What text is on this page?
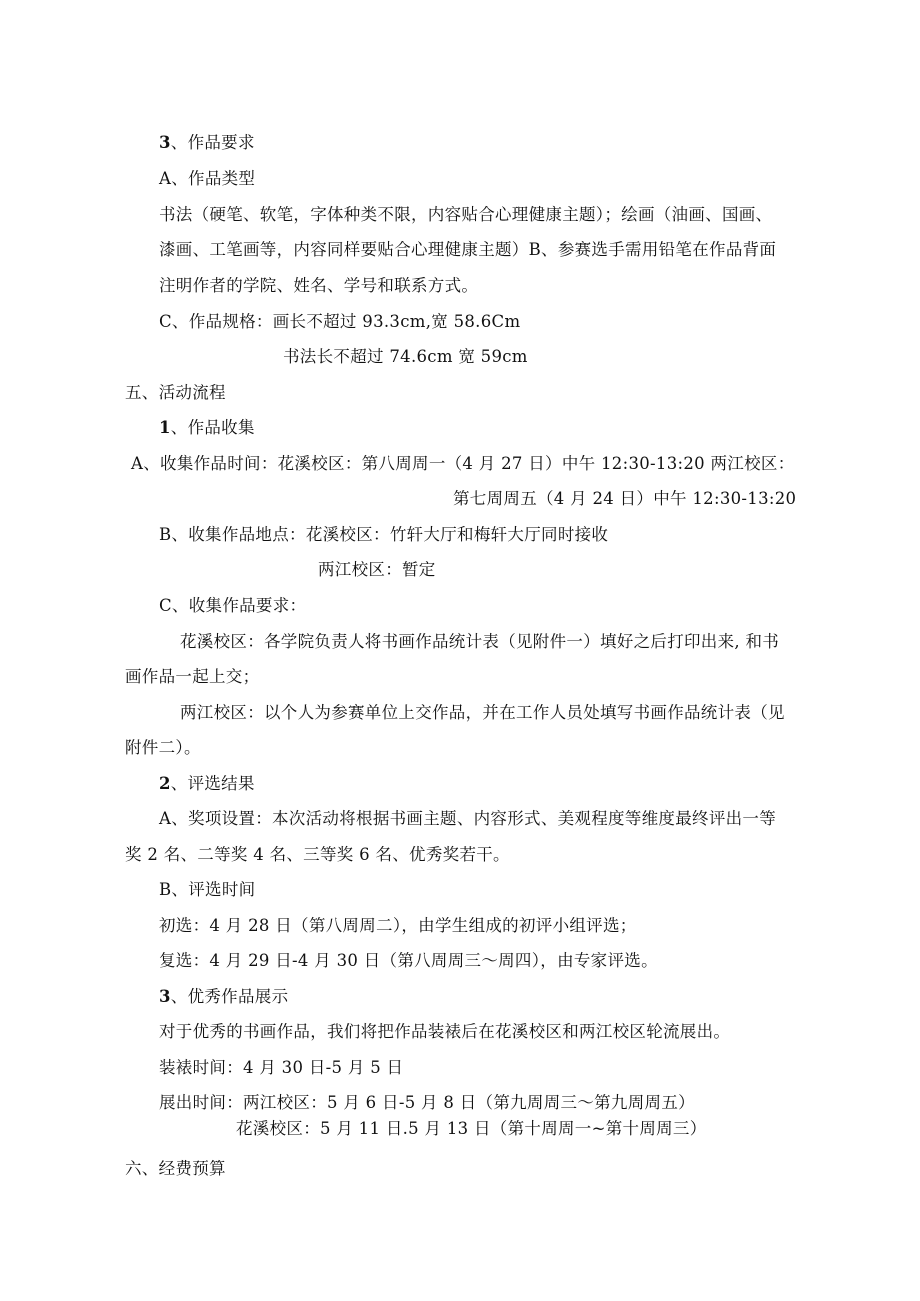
3、作品要求
A、作品类型
书法（硬笔、软笔，字体种类不限，内容贴合心理健康主题）；绘画（油画、国画、
漆画、工笔画等，内容同样要贴合心理健康主题）B、参赛选手需用铅笔在作品背面
注明作者的学院、姓名、学号和联系方式。
C、作品规格：画长不超过 93.3cm,宽 58.6Cm
书法长不超过 74.6cm 宽 59cm
五、活动流程
1、作品收集
A、收集作品时间：花溪校区：第八周周一（4 月 27 日）中午 12:30-13:20 两江校区：
第七周周五（4 月 24 日）中午 12:30-13:20
B、收集作品地点：花溪校区：竹轩大厅和梅轩大厅同时接收
两江校区：暂定
C、收集作品要求：
花溪校区：各学院负责人将书画作品统计表（见附件一）填好之后打印出来, 和书
画作品一起上交；
两江校区：以个人为参赛单位上交作品，并在工作人员处填写书画作品统计表（见
附件二）。
2、评选结果
A、奖项设置：本次活动将根据书画主题、内容形式、美观程度等维度最终评出一等
奖 2 名、二等奖 4 名、三等奖 6 名、优秀奖若干。
B、评选时间
初选：4 月 28 日（第八周周二），由学生组成的初评小组评选；
复选：4 月 29 日-4 月 30 日（第八周周三～周四），由专家评选。
3、优秀作品展示
对于优秀的书画作品，我们将把作品装裱后在花溪校区和两江校区轮流展出。
装裱时间：4 月 30 日-5 月 5 日
展出时间：两江校区：5 月 6 日-5 月 8 日（第九周周三～第九周周五）
花溪校区：5 月 11 日.5 月 13 日（第十周周一~第十周周三）
六、经费预算
